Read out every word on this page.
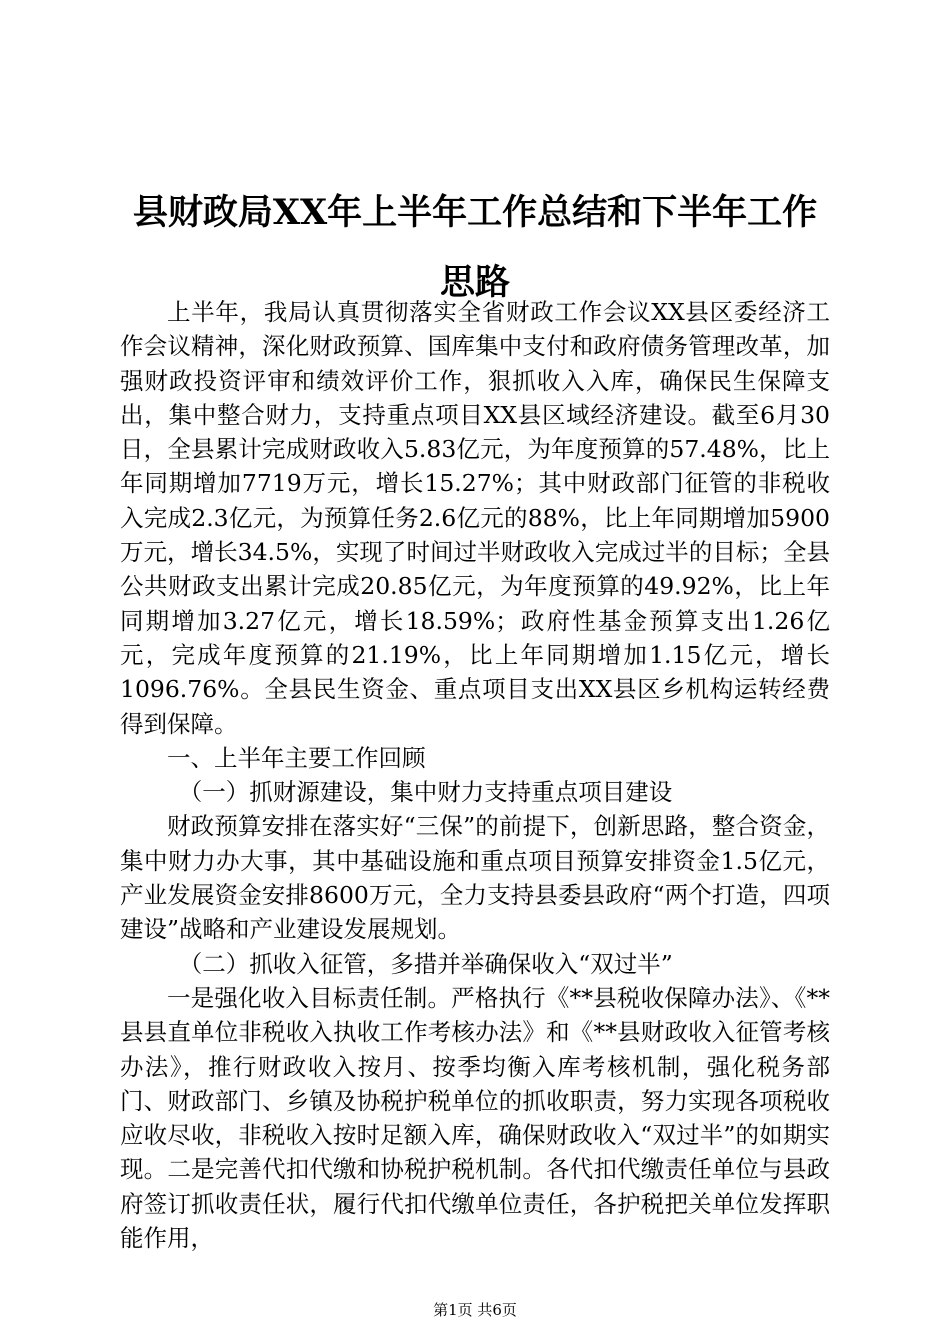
县财政局XX年上半年工作总结和下半年工作思路

上半年，我局认真贯彻落实全省财政工作会议XX县区委经济工作会议精神，深化财政预算、国库集中支付和政府债务管理改革，加强财政投资评审和绩效评价工作，狠抓收入入库，确保民生保障支出，集中整合财力，支持重点项目XX县区域经济建设。截至6月30日，全县累计完成财政收入5.83亿元，为年度预算的57.48%，比上年同期增加7719万元，增长15.27%；其中财政部门征管的非税收入完成2.3亿元，为预算任务2.6亿元的88%，比上年同期增加5900万元，增长34.5%，实现了时间过半财政收入完成过半的目标；全县公共财政支出累计完成20.85亿元，为年度预算的49.92%，比上年同期增加3.27亿元，增长18.59%；政府性基金预算支出1.26亿元，完成年度预算的21.19%，比上年同期增加1.15亿元，增长1096.76%。全县民生资金、重点项目支出XX县区乡机构运转经费得到保障。

一、上半年主要工作回顾

（一）抓财源建设，集中财力支持重点项目建设

财政预算安排在落实好“三保”的前提下，创新思路，整合资金，集中财力办大事，其中基础设施和重点项目预算安排资金1.5亿元，产业发展资金安排8600万元，全力支持县委县政府“两个打造，四项建设”战略和产业建设发展规划。

（二）抓收入征管，多措并举确保收入“双过半”

一是强化收入目标责任制。严格执行《**县税收保障办法》、《**县县直单位非税收入执收工作考核办法》和《**县财政收入征管考核办法》，推行财政收入按月、按季均衡入库考核机制，强化税务部门、财政部门、乡镇及协税护税单位的抓收职责，努力实现各项税收应收尽收，非税收入按时足额入库，确保财政收入“双过半”的如期实现。二是完善代扣代缴和协税护税机制。各代扣代缴责任单位与县政府签订抓收责任状，履行代扣代缴单位责任，各护税把关单位发挥职能作用，

第1页 共6页
